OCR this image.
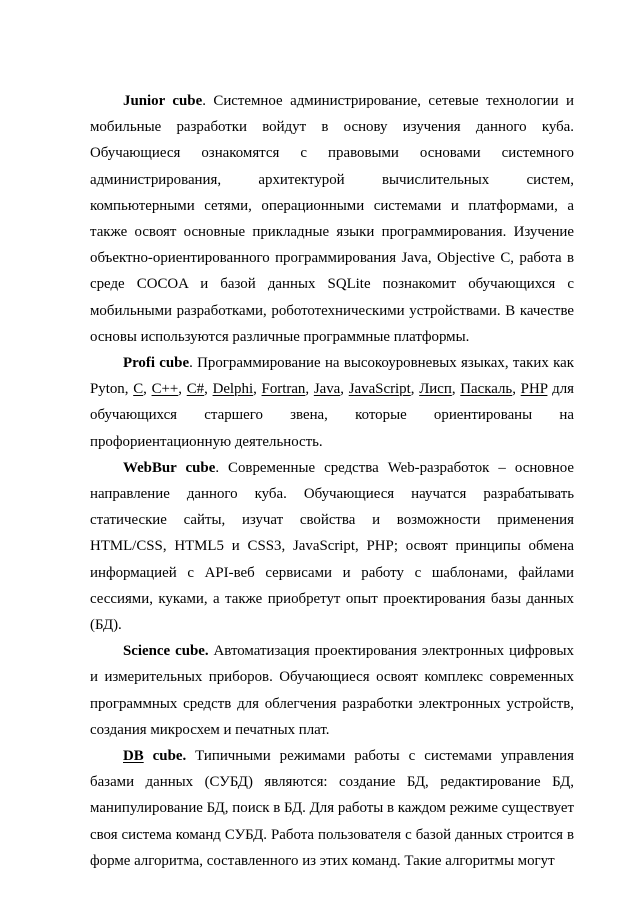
Junior cube. Системное администрирование, сетевые технологии и мобильные разработки войдут в основу изучения данного куба. Обучающиеся ознакомятся с правовыми основами системного администрирования, архитектурой вычислительных систем, компьютерными сетями, операционными системами и платформами, а также освоят основные прикладные языки программирования. Изучение объектно-ориентированного программирования Java, Objective C, работа в среде COCOA и базой данных SQLite познакомит обучающихся с мобильными разработками, робототехническими устройствами. В качестве основы используются различные программные платформы.

Profi cube. Программирование на высокоуровневых языках, таких как Pyton, C, C++, C#, Delphi, Fortran, Java, JavaScript, Лисп, Паскаль, PHP для обучающихся старшего звена, которые ориентированы на профориентационную деятельность.

WebBur cube. Современные средства Web-разработок – основное направление данного куба. Обучающиеся научатся разрабатывать статические сайты, изучат свойства и возможности применения HTML/CSS, HTML5 и CSS3, JavaScript, PHP; освоят принципы обмена информацией с API-веб сервисами и работу с шаблонами, файлами сессиями, куками, а также приобретут опыт проектирования базы данных (БД).

Science cube. Автоматизация проектирования электронных цифровых и измерительных приборов. Обучающиеся освоят комплекс современных программных средств для облегчения разработки электронных устройств, создания микросхем и печатных плат.

DB cube. Типичными режимами работы с системами управления базами данных (СУБД) являются: создание БД, редактирование БД, манипулирование БД, поиск в БД. Для работы в каждом режиме существует своя система команд СУБД. Работа пользователя с базой данных строится в форме алгоритма, составленного из этих команд. Такие алгоритмы могут
